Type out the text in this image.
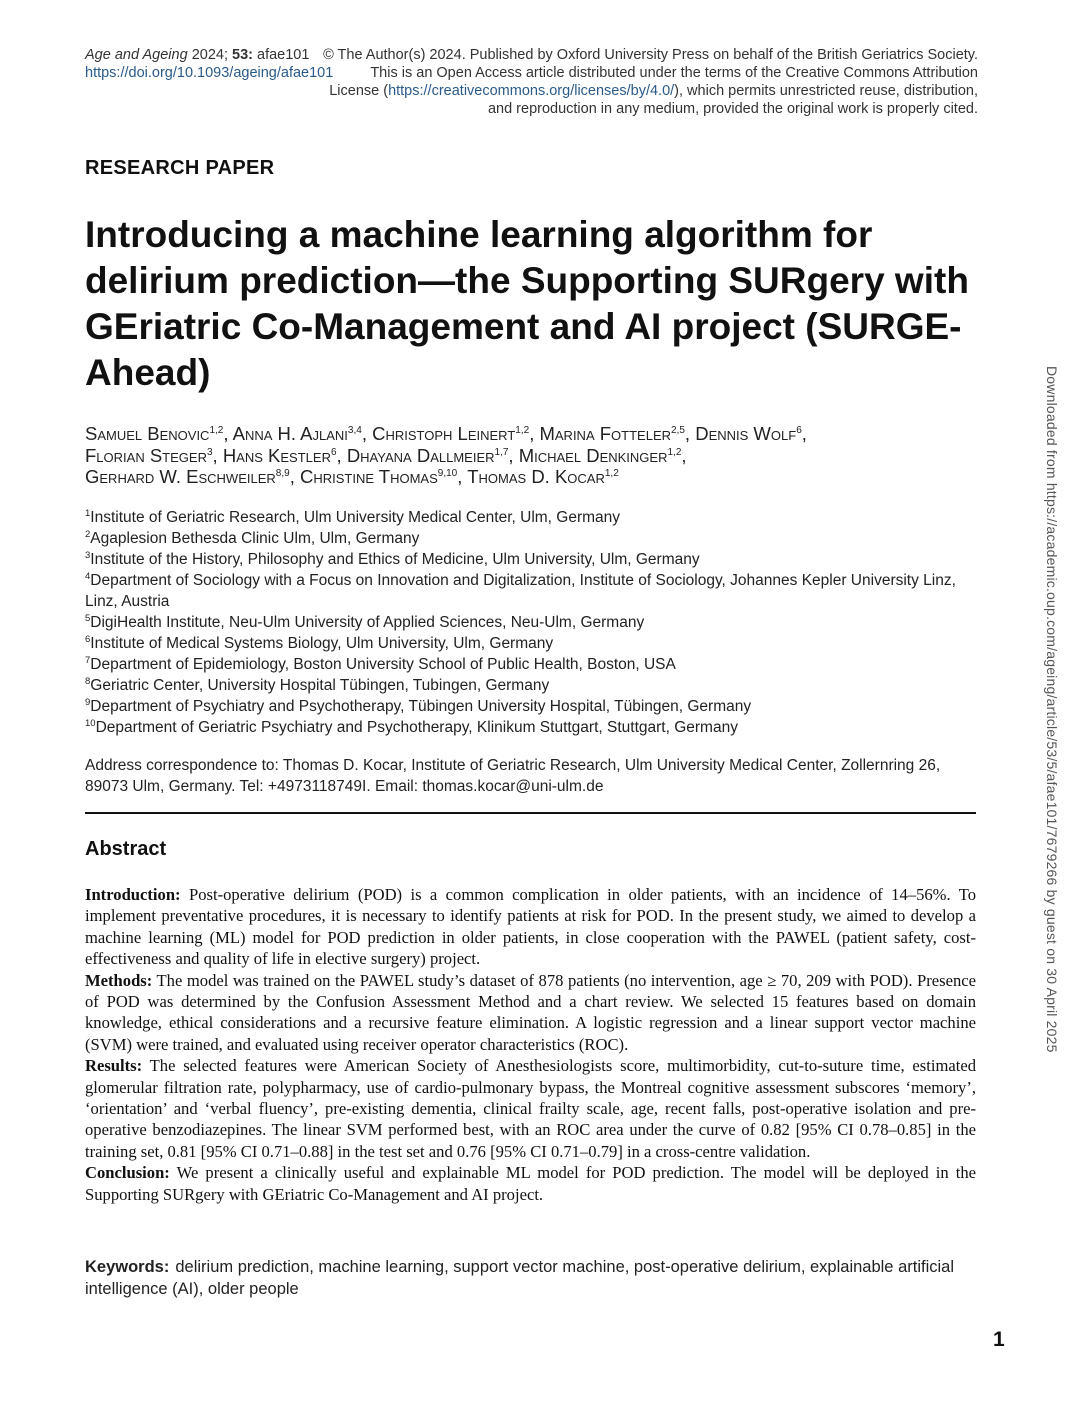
Age and Ageing 2024; 53: afae101
https://doi.org/10.1093/ageing/afae101
© The Author(s) 2024. Published by Oxford University Press on behalf of the British Geriatrics Society.
This is an Open Access article distributed under the terms of the Creative Commons Attribution
License (https://creativecommons.org/licenses/by/4.0/), which permits unrestricted reuse, distribution,
and reproduction in any medium, provided the original work is properly cited.
RESEARCH PAPER
Introducing a machine learning algorithm for delirium prediction—the Supporting SURgery with GEriatric Co-Management and AI project (SURGE-Ahead)
Samuel Benovic$^{1,2}$, Anna H. Ajlani$^{3,4}$, Christoph Leinert$^{1,2}$, Marina Fotteler$^{2,5}$, Dennis Wolf$^6$,
Florian Steger$^3$, Hans Kestler$^6$, Dhayana Dallmeier$^{1,7}$, Michael Denkinger$^{1,2}$,
Gerhard W. Eschweiler$^{8,9}$, Christine Thomas$^{9,10}$, Thomas D. Kocar$^{1,2}$

$^1$Institute of Geriatric Research, Ulm University Medical Center, Ulm, Germany

$^2$Agaplesion Bethesda Clinic Ulm, Ulm, Germany

$^3$Institute of the History, Philosophy and Ethics of Medicine, Ulm University, Ulm, Germany

$^4$Department of Sociology with a Focus on Innovation and Digitalization, Institute of Sociology, Johannes Kepler University Linz, Linz, Austria

$^5$DigiHealth Institute, Neu-Ulm University of Applied Sciences, Neu-Ulm, Germany

$^6$Institute of Medical Systems Biology, Ulm University, Ulm, Germany

$^7$Department of Epidemiology, Boston University School of Public Health, Boston, USA

$^8$Geriatric Center, University Hospital Tübingen, Tubingen, Germany

$^9$Department of Psychiatry and Psychotherapy, Tübingen University Hospital, Tübingen, Germany

$^{10}$Department of Geriatric Psychiatry and Psychotherapy, Klinikum Stuttgart, Stuttgart, Germany

Address correspondence to: Thomas D. Kocar, Institute of Geriatric Research, Ulm University Medical Center, Zollernring 26, 89073 Ulm, Germany. Tel: +4973118749I. Email: thomas.kocar@uni-ulm.de
Abstract

Introduction: Post-operative delirium (POD) is a common complication in older patients, with an incidence of 14–56%. To implement preventative procedures, it is necessary to identify patients at risk for POD. In the present study, we aimed to develop a machine learning (ML) model for POD prediction in older patients, in close cooperation with the PAWEL (patient safety, cost-effectiveness and quality of life in elective surgery) project.

Methods: The model was trained on the PAWEL study’s dataset of 878 patients (no intervention, age ≥ 70, 209 with POD). Presence of POD was determined by the Confusion Assessment Method and a chart review. We selected 15 features based on domain knowledge, ethical considerations and a recursive feature elimination. A logistic regression and a linear support vector machine (SVM) were trained, and evaluated using receiver operator characteristics (ROC).

Results: The selected features were American Society of Anesthesiologists score, multimorbidity, cut-to-suture time, estimated glomerular filtration rate, polypharmacy, use of cardio-pulmonary bypass, the Montreal cognitive assessment subscores ‘memory’, ‘orientation’ and ‘verbal fluency’, pre-existing dementia, clinical frailty scale, age, recent falls, post-operative isolation and pre-operative benzodiazepines. The linear SVM performed best, with an ROC area under the curve of 0.82 [95% CI 0.78–0.85] in the training set, 0.81 [95% CI 0.71–0.88] in the test set and 0.76 [95% CI 0.71–0.79] in a cross-centre validation.

Conclusion: We present a clinically useful and explainable ML model for POD prediction. The model will be deployed in the Supporting SURgery with GEriatric Co-Management and AI project.

Keywords: delirium prediction, machine learning, support vector machine, post-operative delirium, explainable artificial intelligence (AI), older people
1
Downloaded from https://academic.oup.com/ageing/article/53/5/afae101/7679266 by guest on 30 April 2025
